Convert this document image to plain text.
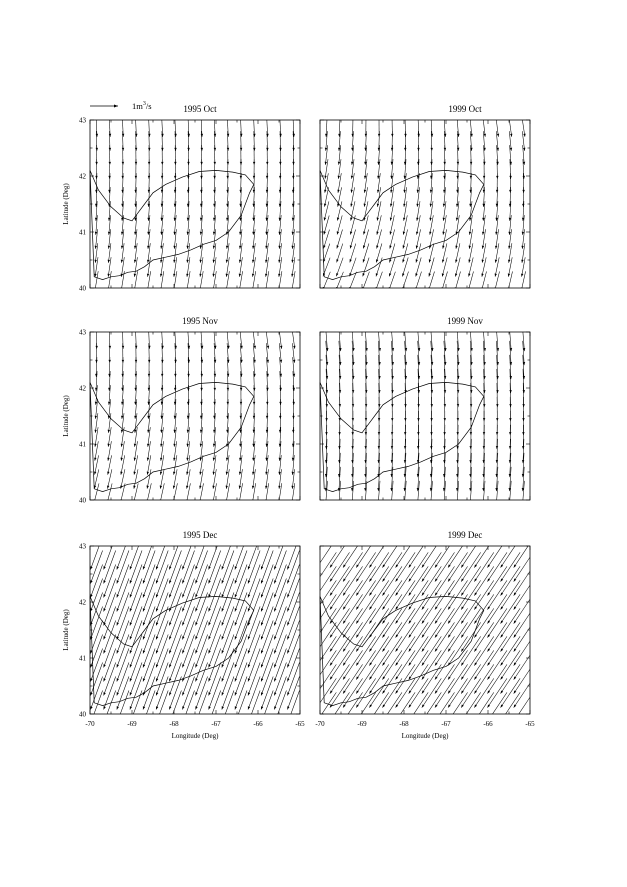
$1m^3/s$	1995 Oct
40
41
42
43
Latitude (Deg)
1999 Oct
1995 Nov
40
41
42
43
Latitude (Deg)
1999 Nov
1995 Dec
40
41
42
43
-70	-69	-68	-67	-66	-65
Latitude (Deg)
Longitude (Deg)
1999 Dec
-70	-69	-68	-67	-66	-65
Longitude (Deg)
